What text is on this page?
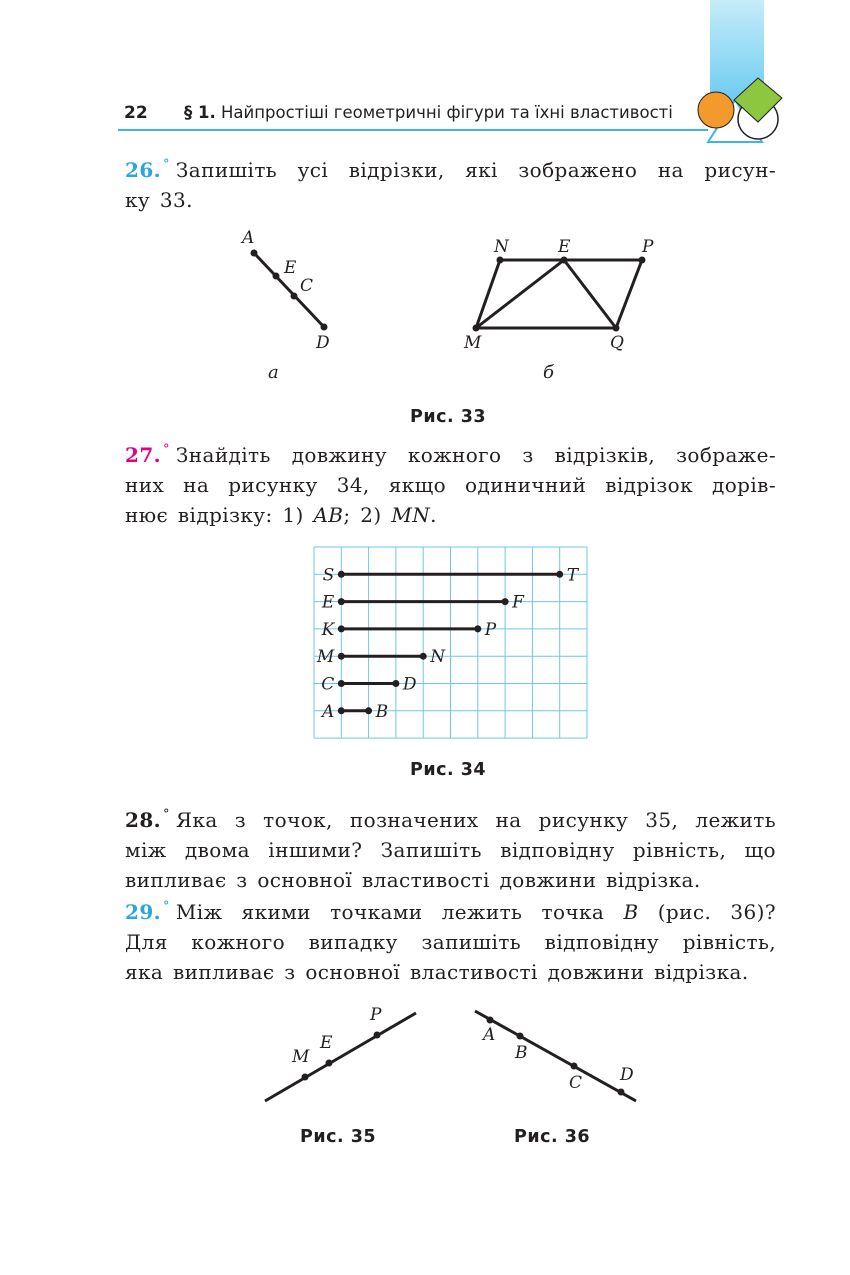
22 § 1. Найпростіші геометричні фігури та їхні властивості
26. ° Запишіть усі відрізки, які зображено на рисун-
ку 33.
A
E
C
D
а
N	E	P
M	Q
б
Рис. 33
27. ° Знайдіть довжину кожного з відрізків, зображе-
них на рисунку 34, якщо одиничний відрізок дорів-
нює відрізку: 1) AB; 2) MN.
S	T
E	F
K	P
M	N
C	D
A B
Рис. 34
28. ° Яка з точок, позначених на рисунку 35, лежить
між двома іншими? Запишіть відповідну рівність, що
випливає з основної властивості довжини відрізка.
29. ° Між якими точками лежить точка B (рис. 36)?
Для кожного випадку запишіть відповідну рівність,
яка випливає з основної властивості довжини відрізка.
M
E
P
Рис. 35
A
B
C D
Рис. 36
